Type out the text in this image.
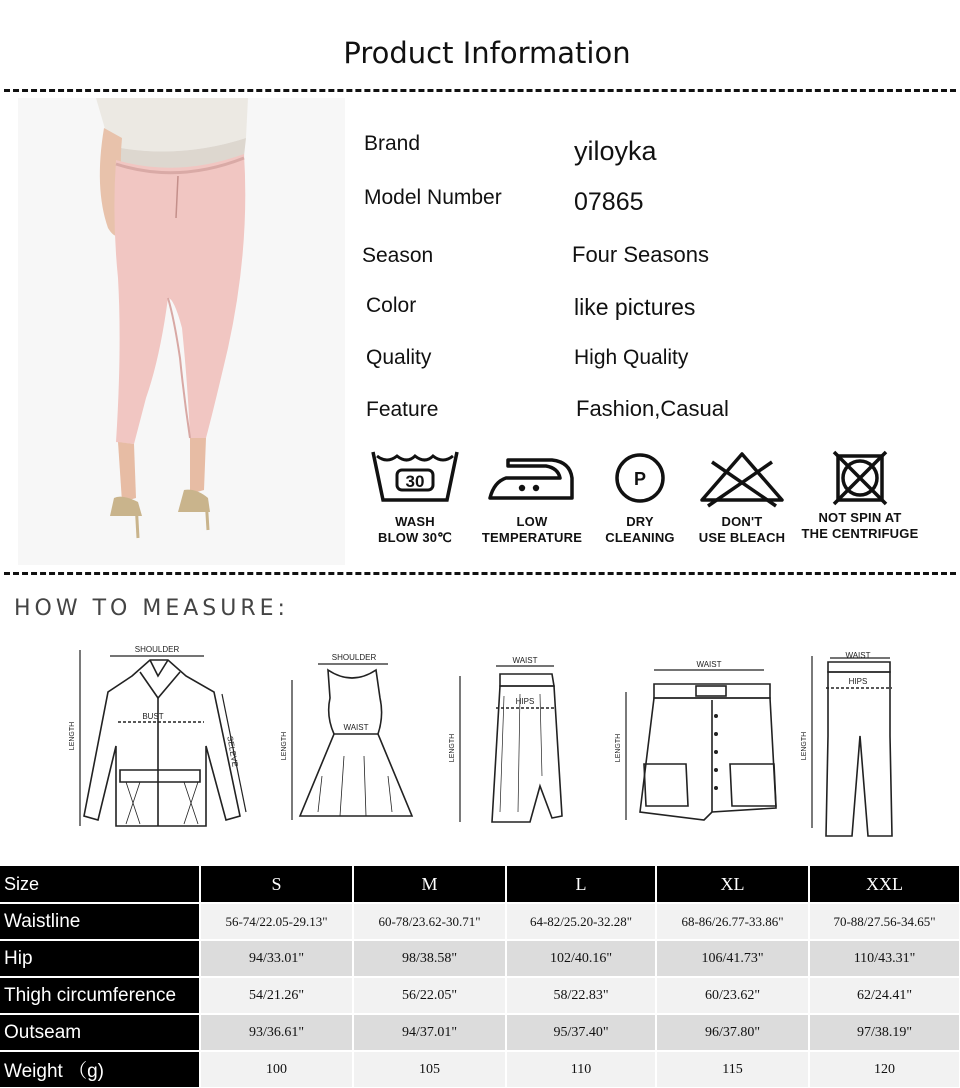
Product Information
Brand	yiloyka
Model Number	07865
Season	Four Seasons
Color	like pictures
Quality	High Quality
Feature	Fashion,Casual
30
WASH
BLOW 30℃
LOW
TEMPERATURE
P
DRY
CLEANING
DON'T
USE BLEACH
NOT SPIN AT
THE CENTRIFUGE
HOW TO MEASURE:
SHOULDER
BUST
LENGTH	SELEVE
SHOULDER
WAIST
LENGTH
WAIST
HIPS
LENGTH
WAIST
LENGTH
WAIST
HIPS
LENGTH
Size	S	M	L	XL	XXL
Waistline	56-74/22.05-29.13"	60-78/23.62-30.71"	64-82/25.20-32.28"	68-86/26.77-33.86"	70-88/27.56-34.65"
Hip	94/33.01"	98/38.58"	102/40.16"	106/41.73"	110/43.31"
Thigh circumference	54/21.26"	56/22.05"	58/22.83"	60/23.62"	62/24.41"
Outseam	93/36.61"	94/37.01"	95/37.40"	96/37.80"	97/38.19"
Weight （g)	100	105	110	115	120
